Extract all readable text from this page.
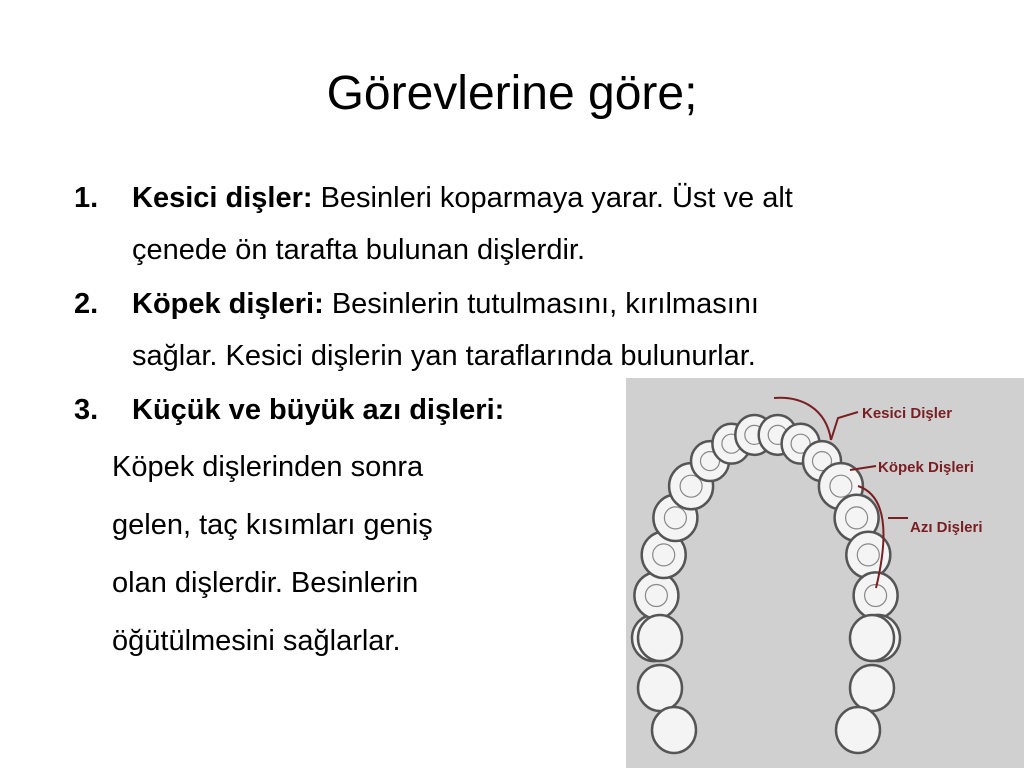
Görevlerine göre;
1. Kesici dişler: Besinleri koparmaya yarar. Üst ve alt
çenede ön tarafta bulunan dişlerdir.
2. Köpek dişleri: Besinlerin tutulmasını, kırılmasını
sağlar. Kesici dişlerin yan taraflarında bulunurlar.
3. Küçük ve büyük azı dişleri:
Köpek dişlerinden sonra
gelen, taç kısımları geniş
olan dişlerdir. Besinlerin
öğütülmesini sağlarlar.
Kesici Dişler
Köpek Dişleri
Azı Dişleri
